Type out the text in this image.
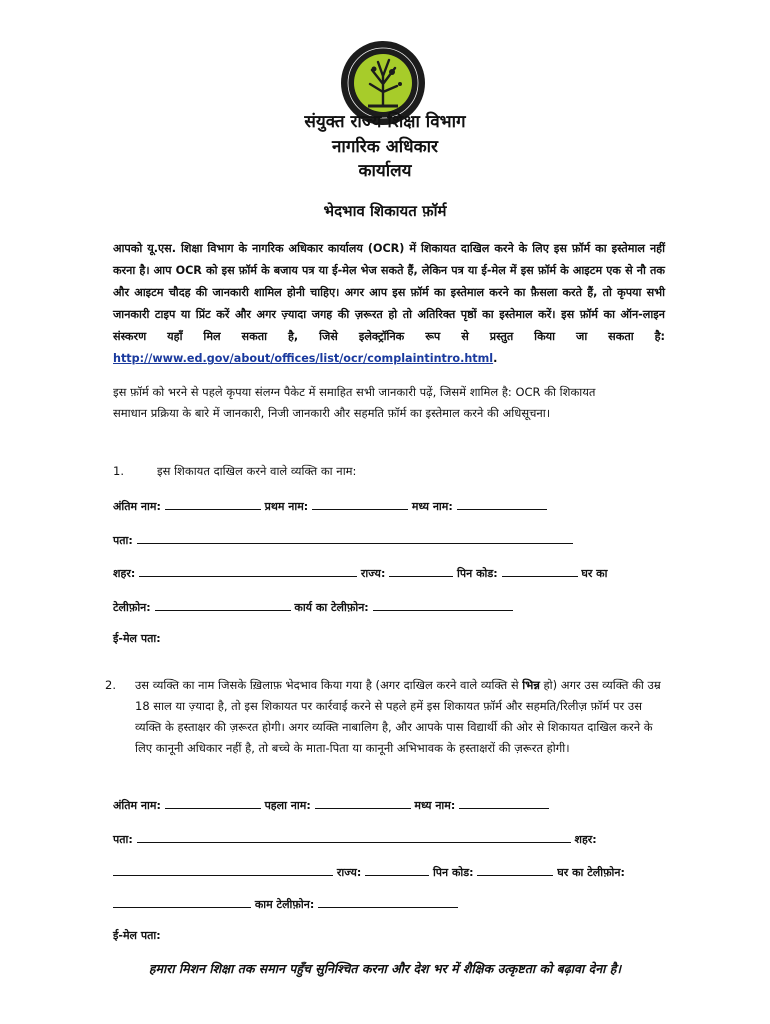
संयुक्त राज्य शिक्षा विभाग
नागरिक अधिकार
कार्यालय
भेदभाव शिकायत फ़ॉर्म
आपको यू.एस. शिक्षा विभाग के नागरिक अधिकार कार्यालय (OCR) में शिकायत दाखिल करने के लिए इस फ़ॉर्म का इस्तेमाल नहीं करना है। आप OCR को इस फ़ॉर्म के बजाय पत्र या ई-मेल भेज सकते हैं, लेकिन पत्र या ई-मेल में इस फ़ॉर्म के आइटम एक से नौ तक और आइटम चौदह की जानकारी शामिल होनी चाहिए। अगर आप इस फ़ॉर्म का इस्तेमाल करने का फ़ैसला करते हैं, तो कृपया सभी जानकारी टाइप या प्रिंट करें और अगर ज़्यादा जगह की ज़रूरत हो तो अतिरिक्त पृष्ठों का इस्तेमाल करें। इस फ़ॉर्म का ऑन-लाइन संस्करण यहाँ मिल सकता है, जिसे इलेक्ट्रॉनिक रूप से प्रस्तुत किया जा सकता है: http://www.ed.gov/about/offices/list/ocr/complaintintro.html.
इस फ़ॉर्म को भरने से पहले कृपया संलग्न पैकेट में समाहित सभी जानकारी पढ़ें, जिसमें शामिल है: OCR की शिकायत समाधान प्रक्रिया के बारे में जानकारी, निजी जानकारी और सहमति फ़ॉर्म का इस्तेमाल करने की अधिसूचना।
1.	इस शिकायत दाखिल करने वाले व्यक्ति का नाम:
अंतिम नाम:	प्रथम नाम:	मध्य नाम:
पता:
शहर:	राज्य:	पिन कोड:	घर का
टेलीफ़ोन:	कार्य का टेलीफ़ोन:
ई-मेल पता:
2. उस व्यक्ति का नाम जिसके ख़िलाफ़ भेदभाव किया गया है (अगर दाखिल करने वाले व्यक्ति से भिन्न हो) अगर उस व्यक्ति की उम्र 18 साल या ज़्यादा है, तो इस शिकायत पर कार्रवाई करने से पहले हमें इस शिकायत फ़ॉर्म और सहमति/रिलीज़ फ़ॉर्म पर उस व्यक्ति के हस्ताक्षर की ज़रूरत होगी। अगर व्यक्ति नाबालिग है, और आपके पास विद्यार्थी की ओर से शिकायत दाखिल करने के लिए कानूनी अधिकार नहीं है, तो बच्चे के माता-पिता या कानूनी अभिभावक के हस्ताक्षरों की ज़रूरत होगी।
अंतिम नाम:	पहला नाम:	मध्य नाम:
पता:	शहर:
राज्य:	पिन कोड:	घर का टेलीफ़ोन:
काम टेलीफ़ोन:
ई-मेल पता:
हमारा मिशन शिक्षा तक समान पहुँच सुनिश्चित करना और देश भर में शैक्षिक उत्कृष्टता को बढ़ावा देना है।
